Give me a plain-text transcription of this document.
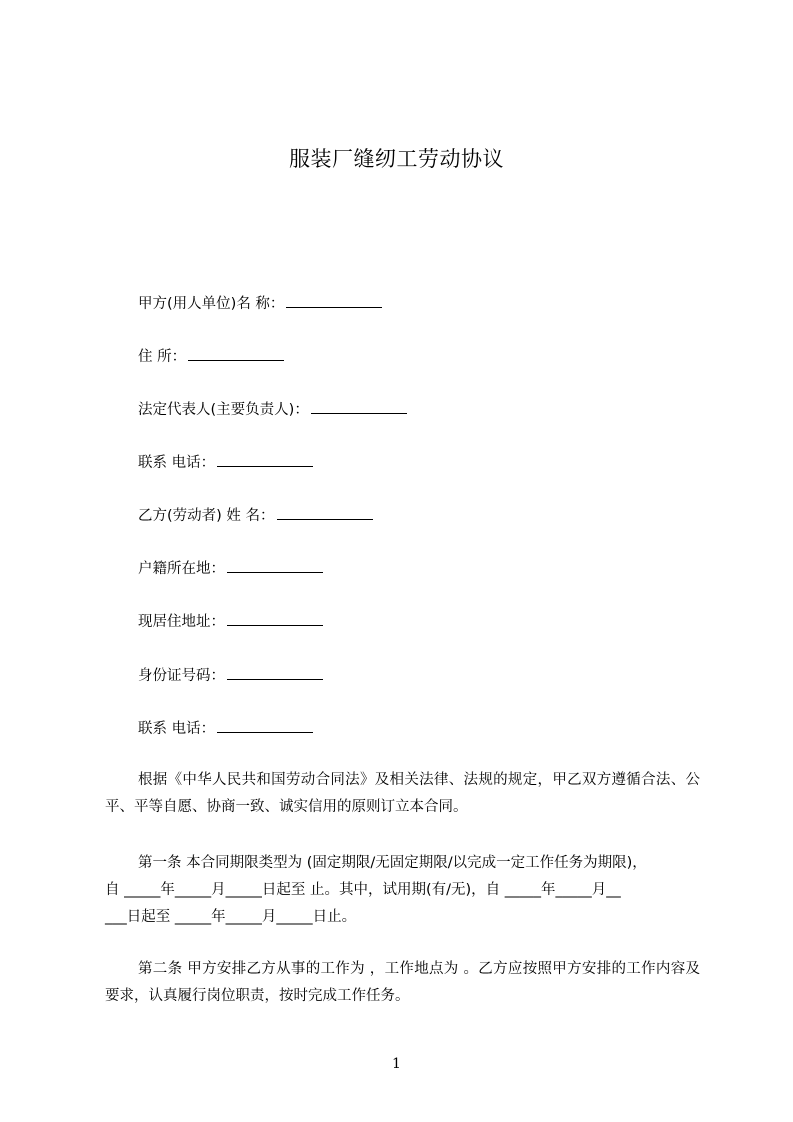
服装厂缝纫工劳动协议
甲方(用人单位)名 称：
住 所：
法定代表人(主要负责人)：
联系 电话：
乙方(劳动者) 姓 名：
户籍所在地：
现居住地址：
身份证号码：
联系 电话：
根据《中华人民共和国劳动合同法》及相关法律、法规的规定，甲乙双方遵循合法、公平、平等自愿、协商一致、诚实信用的原则订立本合同。
第一条 本合同期限类型为 (固定期限/无固定期限/以完成一定工作任务为期限)，
自 _____年_____月_____日起至 止。其中，试用期(有/无)，自 _____年_____月__
___日起至 _____年_____月_____日止。
第二条 甲方安排乙方从事的工作为 ，工作地点为 。乙方应按照甲方安排的工作内容及要求，认真履行岗位职责，按时完成工作任务。
1
